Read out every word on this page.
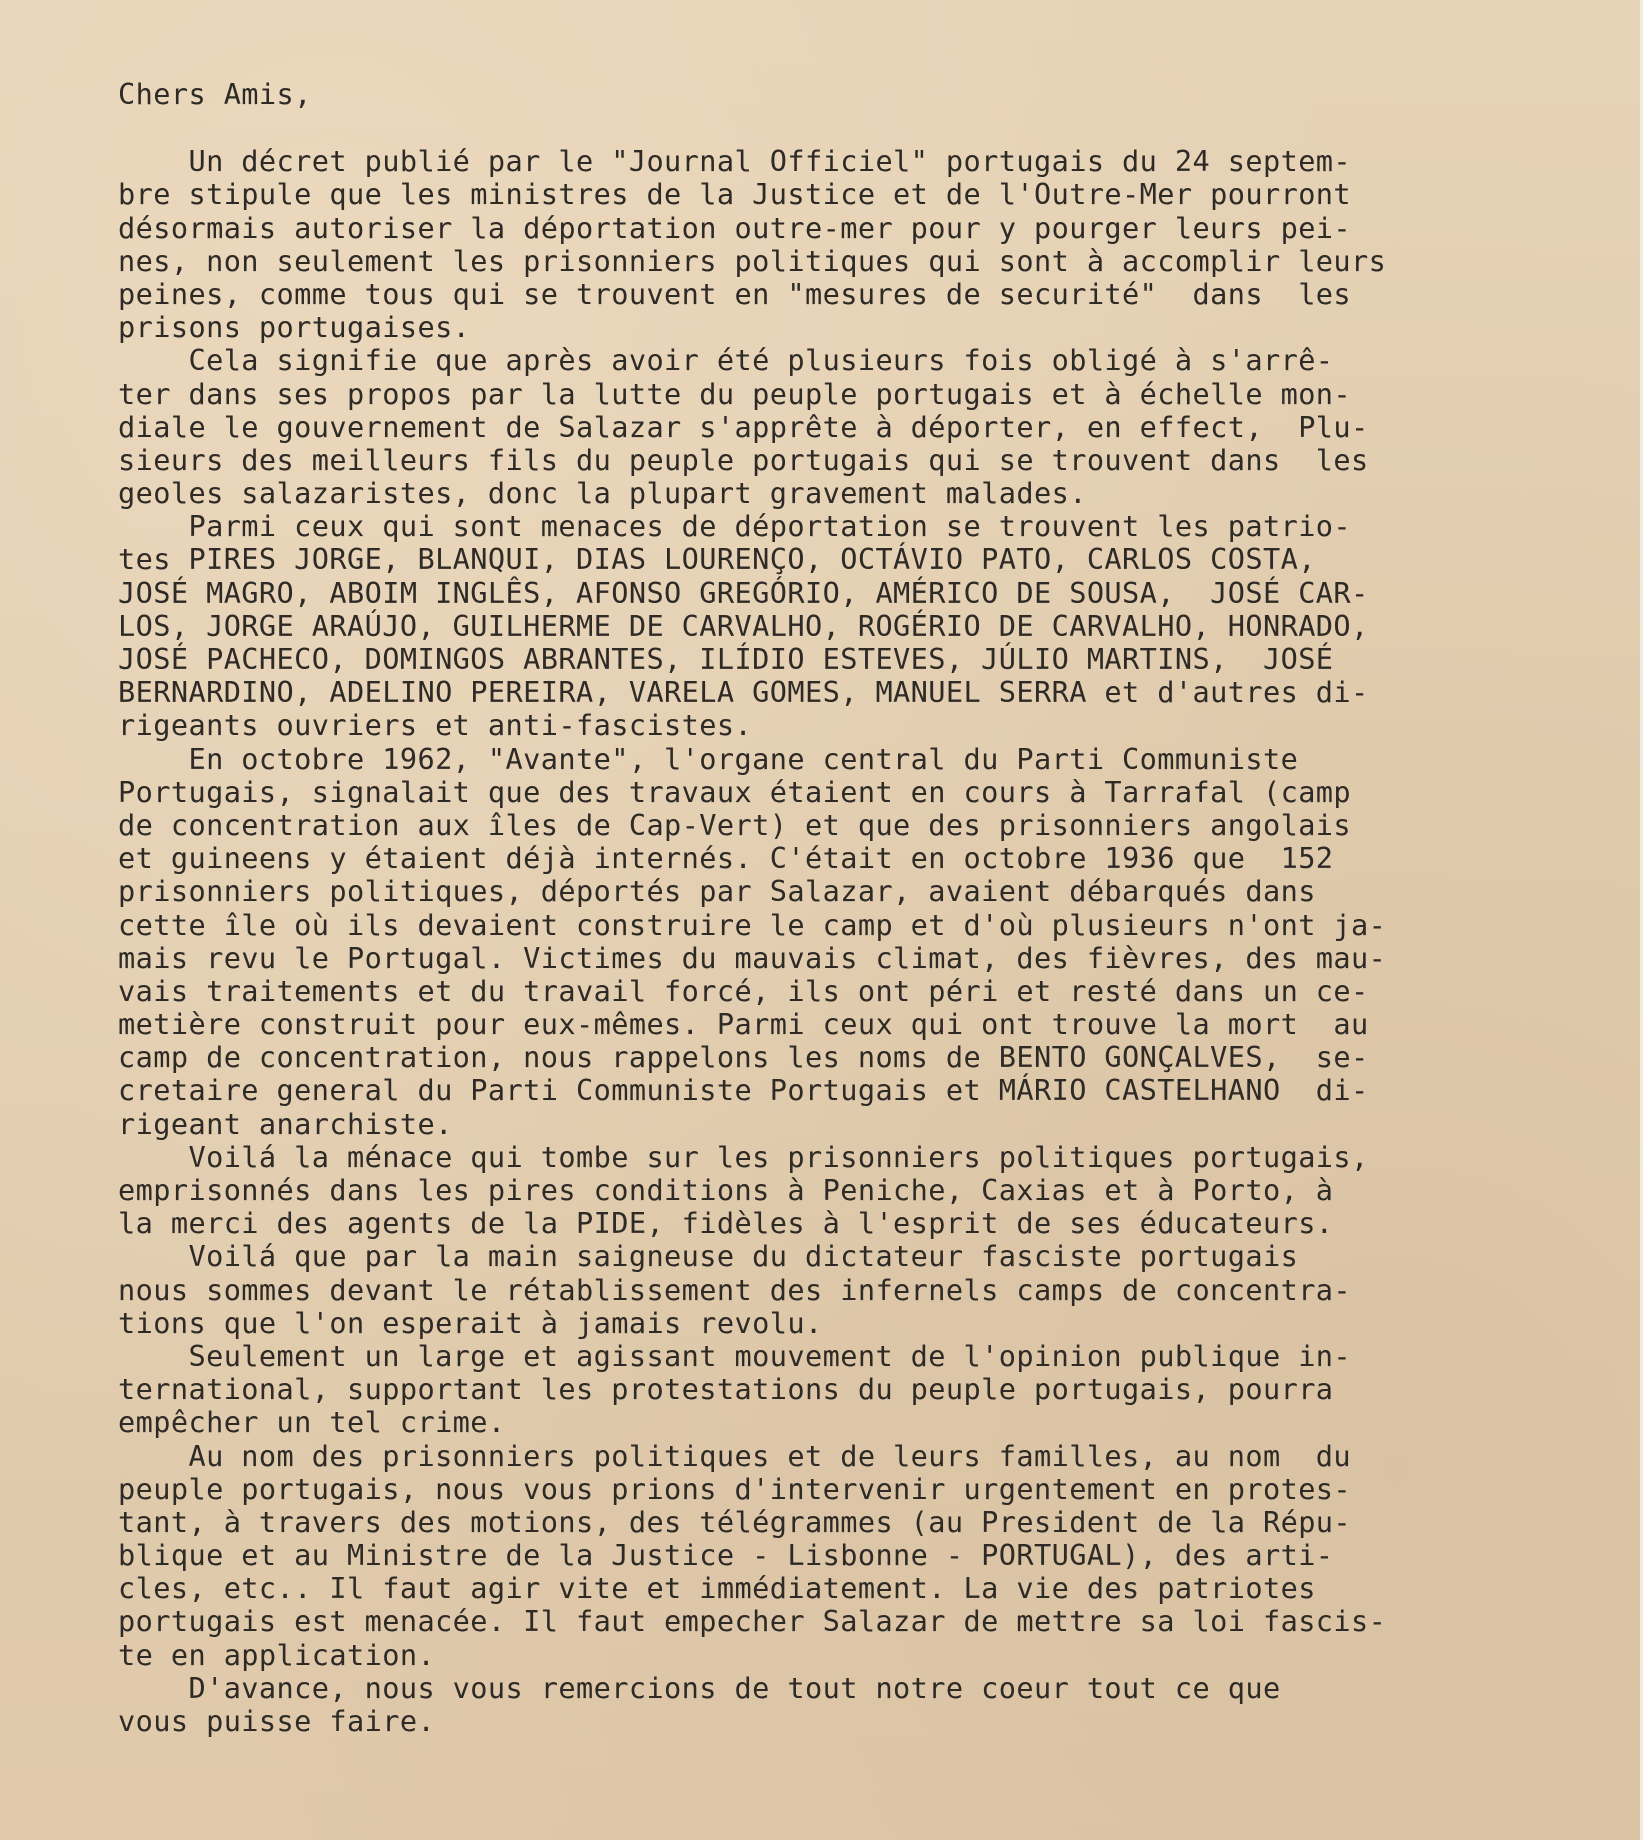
Chers Amis,
Un décret publié par le "Journal Officiel" portugais du 24 septem-
bre stipule que les ministres de la Justice et de l'Outre-Mer pourront
désormais autoriser la déportation outre-mer pour y pourger leurs pei-
nes, non seulement les prisonniers politiques qui sont à accomplir leurs
peines, comme tous qui se trouvent en "mesures de securité"  dans  les
prisons portugaises.
Cela signifie que après avoir été plusieurs fois obligé à s'arrê-
ter dans ses propos par la lutte du peuple portugais et à échelle mon-
diale le gouvernement de Salazar s'apprête à déporter, en effect,  Plu-
sieurs des meilleurs fils du peuple portugais qui se trouvent dans  les
geoles salazaristes, donc la plupart gravement malades.
Parmi ceux qui sont menaces de déportation se trouvent les patrio-
tes PIRES JORGE, BLANQUI, DIAS LOURENÇO, OCTÁVIO PATO, CARLOS COSTA,
JOSÉ MAGRO, ABOIM INGLÊS, AFONSO GREGÓRIO, AMÉRICO DE SOUSA,  JOSÉ CAR-
LOS, JORGE ARAÚJO, GUILHERME DE CARVALHO, ROGÉRIO DE CARVALHO, HONRADO,
JOSÉ PACHECO, DOMINGOS ABRANTES, ILÍDIO ESTEVES, JÚLIO MARTINS,  JOSÉ
BERNARDINO, ADELINO PEREIRA, VARELA GOMES, MANUEL SERRA et d'autres di-
rigeants ouvriers et anti-fascistes.
En octobre 1962, "Avante", l'organe central du Parti Communiste
Portugais, signalait que des travaux étaient en cours à Tarrafal (camp
de concentration aux îles de Cap-Vert) et que des prisonniers angolais
et guineens y étaient déjà internés. C'était en octobre 1936 que  152
prisonniers politiques, déportés par Salazar, avaient débarqués dans
cette île où ils devaient construire le camp et d'où plusieurs n'ont ja-
mais revu le Portugal. Victimes du mauvais climat, des fièvres, des mau-
vais traitements et du travail forcé, ils ont péri et resté dans un ce-
metière construit pour eux-mêmes. Parmi ceux qui ont trouve la mort  au
camp de concentration, nous rappelons les noms de BENTO GONÇALVES,  se-
cretaire general du Parti Communiste Portugais et MÁRIO CASTELHANO  di-
rigeant anarchiste.
Voilá la ménace qui tombe sur les prisonniers politiques portugais,
emprisonnés dans les pires conditions à Peniche, Caxias et à Porto, à
la merci des agents de la PIDE, fidèles à l'esprit de ses éducateurs.
Voilá que par la main saigneuse du dictateur fasciste portugais
nous sommes devant le rétablissement des infernels camps de concentra-
tions que l'on esperait à jamais revolu.
Seulement un large et agissant mouvement de l'opinion publique in-
ternational, supportant les protestations du peuple portugais, pourra
empêcher un tel crime.
Au nom des prisonniers politiques et de leurs familles, au nom  du
peuple portugais, nous vous prions d'intervenir urgentement en protes-
tant, à travers des motions, des télégrammes (au President de la Répu-
blique et au Ministre de la Justice - Lisbonne - PORTUGAL), des arti-
cles, etc.. Il faut agir vite et immédiatement. La vie des patriotes
portugais est menacée. Il faut empecher Salazar de mettre sa loi fascis-
te en application.
D'avance, nous vous remercions de tout notre coeur tout ce que
vous puisse faire.
